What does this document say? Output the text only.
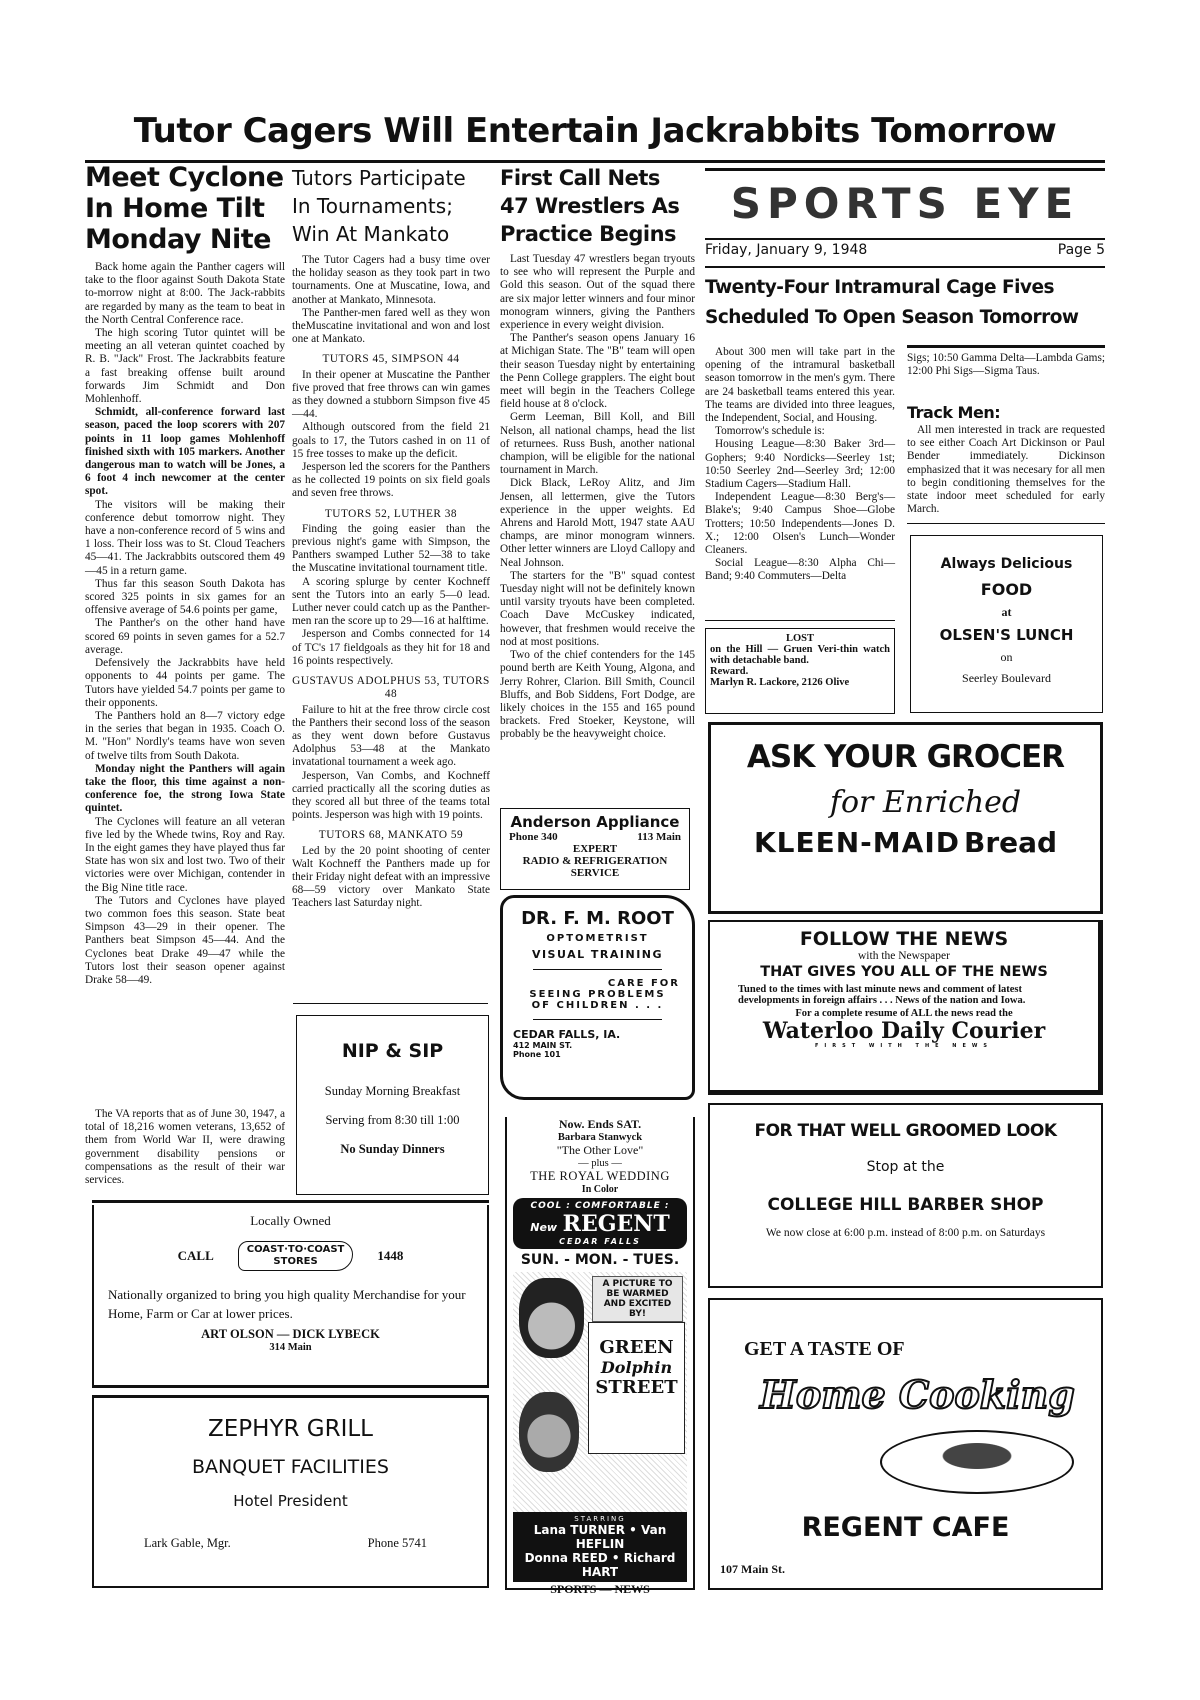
Tutor Cagers Will Entertain Jackrabbits Tomorrow
Meet Cyclone
In Home Tilt
Monday Nite

Back home again the Panther cagers will take to the floor against South Dakota State to-morrow night at 8:00. The Jack-rabbits are regarded by many as the team to beat in the North Central Conference race.

The high scoring Tutor quintet will be meeting an all veteran quintet coached by R. B. "Jack" Frost. The Jackrabbits feature a fast breaking offense built around forwards Jim Schmidt and Don Mohlenhoff.

Schmidt, all-conference forward last season, paced the loop scorers with 207 points in 11 loop games Mohlenhoff finished sixth with 105 markers. Another dangerous man to watch will be Jones, a 6 foot 4 inch newcomer at the center spot.

The visitors will be making their conference debut tomorrow night. They have a non-conference record of 5 wins and 1 loss. Their loss was to St. Cloud Teachers 45—41. The Jackrabbits outscored them 49—45 in a return game.

Thus far this season South Dakota has scored 325 points in six games for an offensive average of 54.6 points per game,

The Panther's on the other hand have scored 69 points in seven games for a 52.7 average.

Defensively the Jackrabbits have held opponents to 44 points per game. The Tutors have yielded 54.7 points per game to their opponents.

The Panthers hold an 8—7 victory edge in the series that began in 1935. Coach O. M. "Hon" Nordly's teams have won seven of twelve tilts from South Dakota.

Monday night the Panthers will again take the floor, this time against a non-conference foe, the strong Iowa State quintet.

The Cyclones will feature an all veteran five led by the Whede twins, Roy and Ray. In the eight games they have played thus far State has won six and lost two. Two of their victories were over Michigan, contender in the Big Nine title race.

The Tutors and Cyclones have played two common foes this season. State beat Simpson 43—29 in their opener. The Panthers beat Simpson 45—44. And the Cyclones beat Drake 49—47 while the Tutors lost their season opener against Drake 58—49.

The VA reports that as of June 30, 1947, a total of 18,216 women veterans, 13,652 of them from World War II, were drawing government disability pensions or compensations as the result of their war services.

Tutors Participate
In Tournaments;
Win At Mankato

The Tutor Cagers had a busy time over the holiday season as they took part in two tournaments. One at Muscatine, Iowa, and another at Mankato, Minnesota.

The Panther-men fared well as they won theMuscatine invitational and won and lost one at Mankato.

TUTORS 45, SIMPSON 44

In their opener at Muscatine the Panther five proved that free throws can win games as they downed a stubborn Simpson five 45—44.

Although outscored from the field 21 goals to 17, the Tutors cashed in on 11 of 15 free tosses to make up the deficit.

Jesperson led the scorers for the Panthers as he collected 19 points on six field goals and seven free throws.

TUTORS 52, LUTHER 38

Finding the going easier than the previous night's game with Simpson, the Panthers swamped Luther 52—38 to take the Muscatine invitational tournament title.

A scoring splurge by center Kochneff sent the Tutors into an early 5—0 lead. Luther never could catch up as the Panther-men ran the score up to 29—16 at halftime.

Jesperson and Combs connected for 14 of TC's 17 fieldgoals as they hit for 18 and 16 points respectively.

GUSTAVUS ADOLPHUS 53, TUTORS 48

Failure to hit at the free throw circle cost the Panthers their second loss of the season as they went down before Gustavus Adolphus 53—48 at the Mankato invatational tournament a week ago.

Jesperson, Van Combs, and Kochneff carried practically all the scoring duties as they scored all but three of the teams total points. Jesperson was high with 19 points.

TUTORS 68, MANKATO 59

Led by the 20 point shooting of center Walt Kochneff the Panthers made up for their Friday night defeat with an impressive 68—59 victory over Mankato State Teachers last Saturday night.

NIP & SIP
Sunday Morning Breakfast
Serving from 8:30 till 1:00
No Sunday Dinners
Locally Owned
CALL	COAST·TO·COAST
STORES	1448
Nationally organized to bring you high quality Merchandise for your Home, Farm or Car at lower prices.
ART OLSON — DICK LYBECK
314 Main
ZEPHYR GRILL
BANQUET FACILITIES
Hotel President
Lark Gable, Mgr.	Phone 5741
First Call Nets
47 Wrestlers As
Practice Begins

Last Tuesday 47 wrestlers began tryouts to see who will represent the Purple and Gold this season. Out of the squad there are six major letter winners and four minor monogram winners, giving the Panthers experience in every weight division.

The Panther's season opens January 16 at Michigan State. The "B" team will open their season Tuesday night by entertaining the Penn College grapplers. The eight bout meet will begin in the Teachers College field house at 8 o'clock.

Germ Leeman, Bill Koll, and Bill Nelson, all national champs, head the list of returnees. Russ Bush, another national champion, will be eligible for the national tournament in March.

Dick Black, LeRoy Alitz, and Jim Jensen, all lettermen, give the Tutors experience in the upper weights. Ed Ahrens and Harold Mott, 1947 state AAU champs, are minor monogram winners. Other letter winners are Lloyd Callopy and Neal Johnson.

The starters for the "B" squad contest Tuesday night will not be definitely known until varsity tryouts have been completed. Coach Dave McCuskey indicated, however, that freshmen would receive the nod at most positions.

Two of the chief contenders for the 145 pound berth are Keith Young, Algona, and Jerry Rohrer, Clarion. Bill Smith, Council Bluffs, and Bob Siddens, Fort Dodge, are likely choices in the 155 and 165 pound brackets. Fred Stoeker, Keystone, will probably be the heavyweight choice.

Anderson Appliance
Phone 340	113 Main
EXPERT
RADIO & REFRIGERATION
SERVICE
DR. F. M. ROOT
OPTOMETRIST
VISUAL TRAINING
CARE FOR
SEEING PROBLEMS
OF CHILDREN . . .
CEDAR FALLS, IA.
412 MAIN ST.
Phone 101
Now. Ends SAT.
Barbara Stanwyck
"The Other Love"
— plus —
THE ROYAL WEDDING
In Color
COOL : COMFORTABLE :
New REGENT
CEDAR FALLS
SUN. - MON. - TUES.
A PICTURE TO BE WARMED AND EXCITED BY!
GREEN
Dolphin
STREET
STARRING
Lana TURNER • Van HEFLIN
Donna REED • Richard HART
SPORTS — NEWS
SPORTS EYE
Friday, January 9, 1948	Page 5
Twenty-Four Intramural Cage Fives
Scheduled To Open Season Tomorrow

About 300 men will take part in the opening of the intramural basketball season tomorrow in the men's gym. There are 24 basketball teams entered this year. The teams are divided into three leagues, the Independent, Social, and Housing.

Tomorrow's schedule is:

Housing League—8:30 Baker 3rd—Gophers; 9:40 Nordicks—Seerley 1st; 10:50 Seerley 2nd—Seerley 3rd; 12:00 Stadium Cagers—Stadium Hall.

Independent League—8:30 Berg's—Blake's; 9:40 Campus Shoe—Globe Trotters; 10:50 Independents—Jones D. X.; 12:00 Olsen's Lunch—Wonder Cleaners.

Social League—8:30 Alpha Chi—Band; 9:40 Commuters—Delta

Sigs; 10:50 Gamma Delta—Lambda Gams; 12:00 Phi Sigs—Sigma Taus.

Track Men:

All men interested in track are requested to see either Coach Art Dickinson or Paul Bender immediately. Dickinson emphasized that it was necesary for all men to begin conditioning themselves for the state indoor meet scheduled for early March.

Always Delicious
FOOD
at
OLSEN'S LUNCH
on
Seerley Boulevard
LOST
on the Hill — Gruen Veri-thin watch with detachable band.
Reward.
Marlyn R. Lackore, 2126 Olive
ASK YOUR GROCER
for Enriched
KLEEN-MAID Bread
FOLLOW THE NEWS
with the Newspaper
THAT GIVES YOU ALL OF THE NEWS
Tuned to the times with last minute news and comment of latest developments in foreign affairs . . . News of the nation and Iowa.
For a complete resume of ALL the news read the
Waterloo Daily Courier
FIRST WITH THE NEWS
FOR THAT WELL GROOMED LOOK
Stop at the
COLLEGE HILL BARBER SHOP
We now close at 6:00 p.m. instead of 8:00 p.m. on Saturdays
GET A TASTE OF
Home Cooking
REGENT CAFE
107 Main St.
